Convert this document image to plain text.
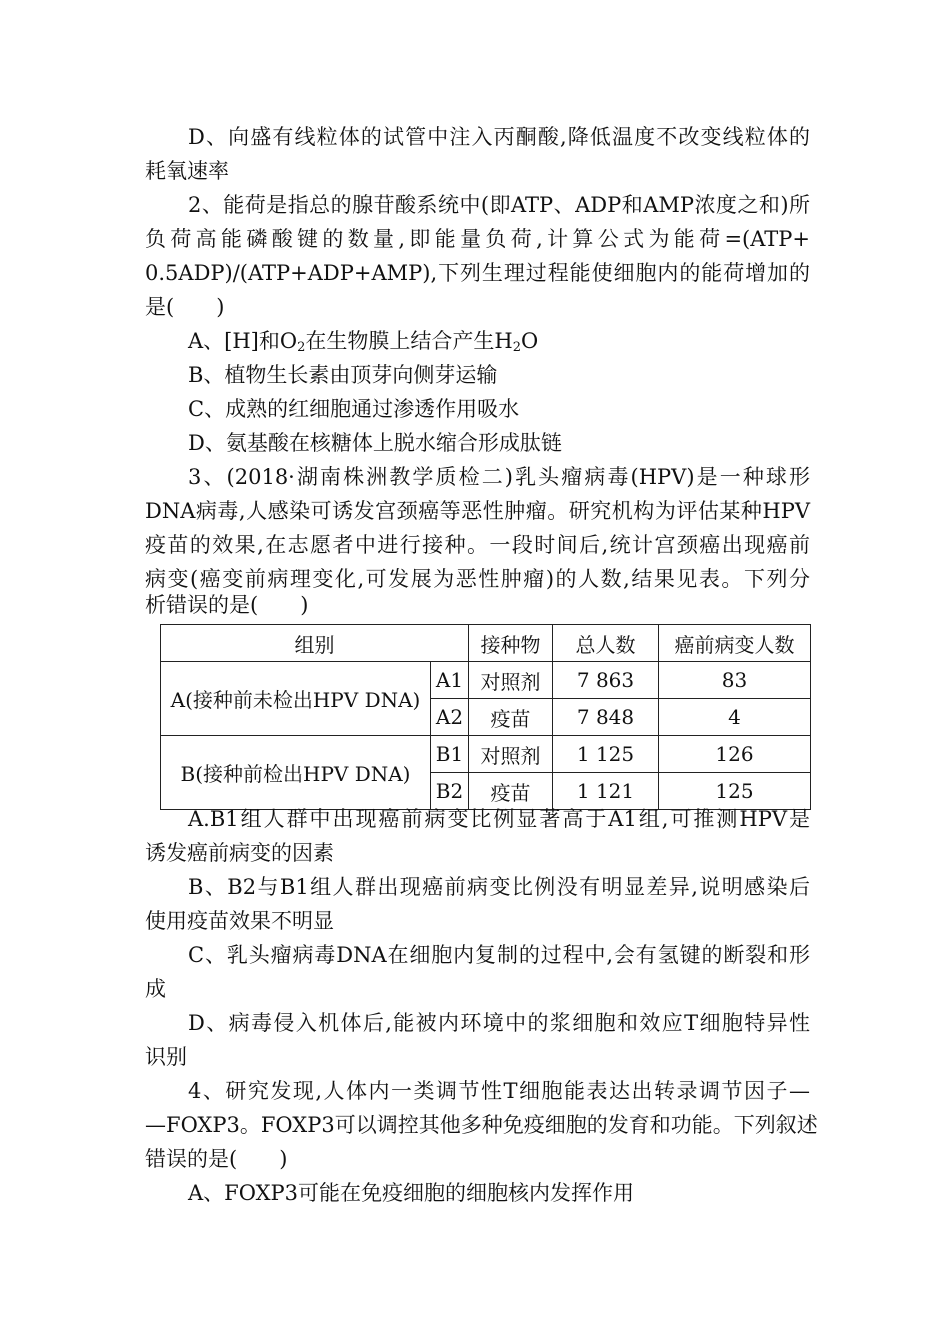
D、向盛有线粒体的试管中注入丙酮酸,降低温度不改变线粒体的
耗氧速率
2、能荷是指总的腺苷酸系统中(即ATP、ADP和AMP浓度之和)所
负荷高能磷酸键的数量,即能量负荷,计算公式为能荷=(ATP+
0.5ADP)/(ATP+ADP+AMP),下列生理过程能使细胞内的能荷增加的
是(　　)
A、[H]和$O_2$在生物膜上结合产生$H_2O$
B、植物生长素由顶芽向侧芽运输
C、成熟的红细胞通过渗透作用吸水
D、氨基酸在核糖体上脱水缩合形成肽链
3、(2018·湖南株洲教学质检二)乳头瘤病毒(HPV)是一种球形
DNA病毒,人感染可诱发宫颈癌等恶性肿瘤。研究机构为评估某种HPV
疫苗的效果,在志愿者中进行接种。一段时间后,统计宫颈癌出现癌前
病变(癌变前病理变化,可发展为恶性肿瘤)的人数,结果见表。下列分
析错误的是(　　)
组别		接种物	总人数	癌前病变人数
A(接种前未检出HPV DNA)	A1	对照剂	7 863	83
	A2	疫苗	7 848	4
B(接种前检出HPV DNA)	B1	对照剂	1 125	126
	B2	疫苗	1 121	125
A.B1组人群中出现癌前病变比例显著高于A1组,可推测HPV是
诱发癌前病变的因素
B、B2与B1组人群出现癌前病变比例没有明显差异,说明感染后
使用疫苗效果不明显
C、乳头瘤病毒DNA在细胞内复制的过程中,会有氢键的断裂和形
成
D、病毒侵入机体后,能被内环境中的浆细胞和效应T细胞特异性
识别
4、研究发现,人体内一类调节性T细胞能表达出转录调节因子—
—FOXP3。FOXP3可以调控其他多种免疫细胞的发育和功能。下列叙述
错误的是(　　)
A、FOXP3可能在免疫细胞的细胞核内发挥作用
